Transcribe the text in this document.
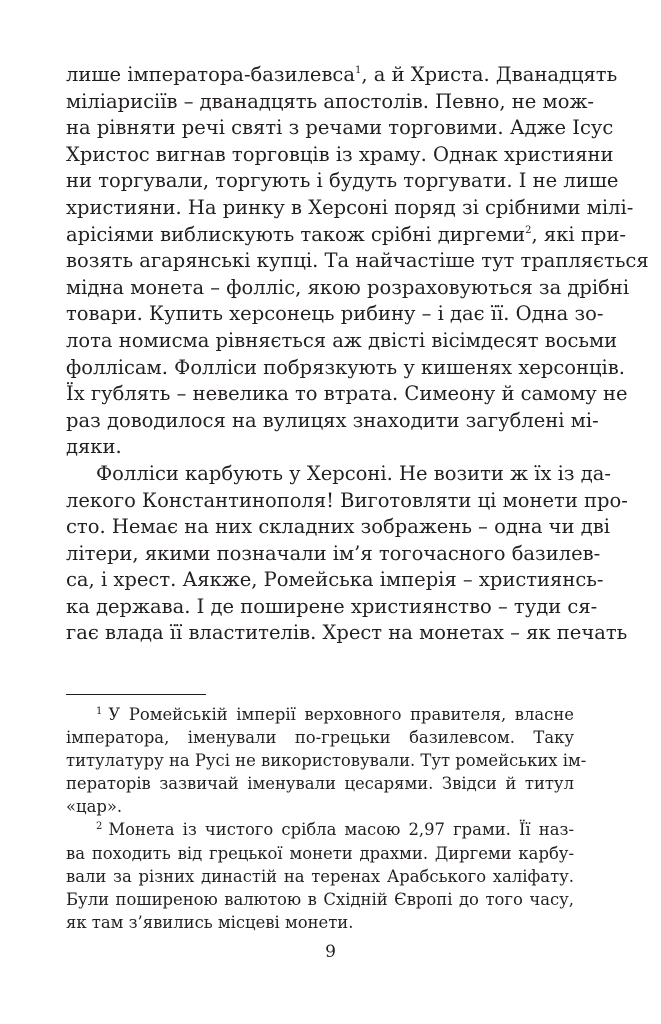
лише імператора-базилевса$^1$, а й Христа. Дванадцять
міліарисіїв – дванадцять апостолів. Певно, не мож-
на рівняти речі святі з речами торговими. Адже Ісус
Христос вигнав торговців із храму. Однак християни
ни торгували, торгують і будуть торгувати. І не лише
християни. На ринку в Херсоні поряд зі срібними мілі-
арісіями виблискують також срібні диргеми$^2$, які при-
возять агарянські купці. Та найчастіше тут трапляється
мідна монета – фолліс, якою розраховуються за дрібні
товари. Купить херсонець рибину – і дає її. Одна зо-
лота номисма рівняється аж двісті вісімдесят восьми
фоллісам. Фолліси побрязкують у кишенях херсонців.
Їх гублять – невелика то втрата. Симеону й самому не
раз доводилося на вулицях знаходити загублені мі-
дяки.
Фолліси карбують у Херсоні. Не возити ж їх із да-
лекого Константинополя! Виготовляти ці монети про-
сто. Немає на них складних зображень – одна чи дві
літери, якими позначали ім’я тогочасного базилев-
са, і хрест. Аякже, Ромейська імперія – християнсь-
ка держава. І де поширене християнство – туди ся-
гає влада її властителів. Хрест на монетах – як печать
$^1$ У Ромейській імперії верховного правителя, власне
імператора, іменували по-грецьки базилевсом. Таку
титулатуру на Русі не використовували. Тут ромейських ім-
ператорів зазвичай іменували цесарями. Звідси й титул
«цар».
$^2$ Монета із чистого срібла масою 2,97 грами. Її наз-
ва походить від грецької монети драхми. Диргеми карбу-
вали за різних династій на теренах Арабського халіфату.
Були поширеною валютою в Східній Європі до того часу,
як там з’явились місцеві монети.
9
